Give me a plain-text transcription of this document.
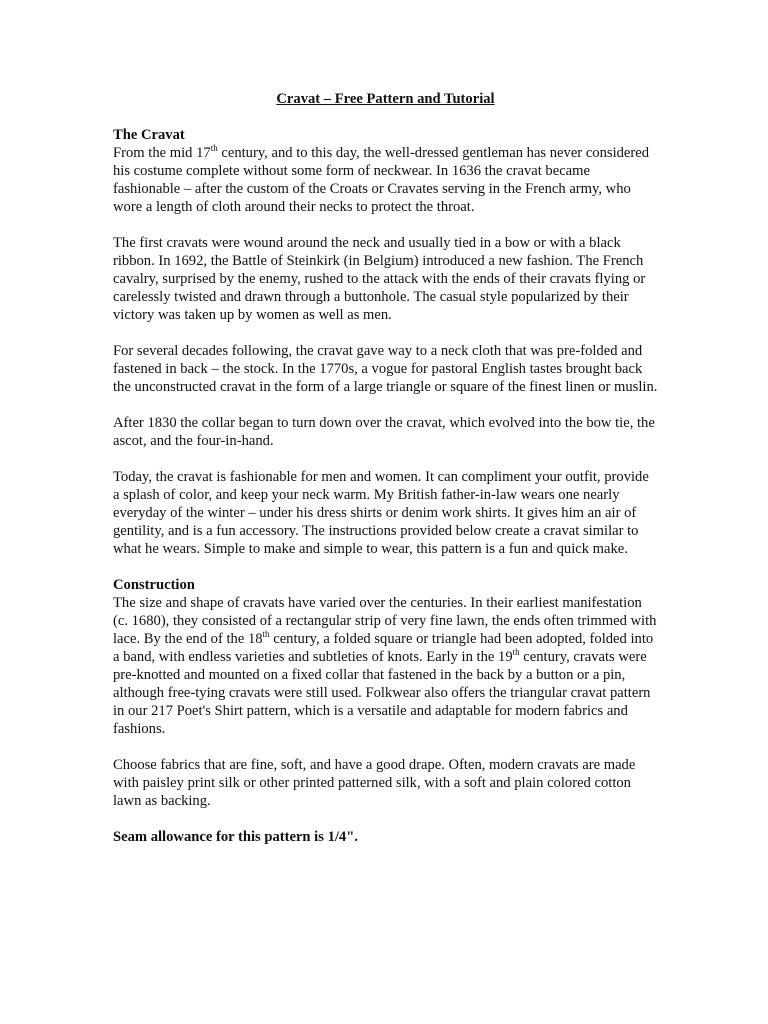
Cravat – Free Pattern and Tutorial
The Cravat

From the mid 17th century, and to this day, the well-dressed gentleman has never considered his costume complete without some form of neckwear. In 1636 the cravat became fashionable – after the custom of the Croats or Cravates serving in the French army, who wore a length of cloth around their necks to protect the throat.

The first cravats were wound around the neck and usually tied in a bow or with a black ribbon. In 1692, the Battle of Steinkirk (in Belgium) introduced a new fashion. The French cavalry, surprised by the enemy, rushed to the attack with the ends of their cravats flying or carelessly twisted and drawn through a buttonhole. The casual style popularized by their victory was taken up by women as well as men.

For several decades following, the cravat gave way to a neck cloth that was pre-folded and fastened in back – the stock. In the 1770s, a vogue for pastoral English tastes brought back the unconstructed cravat in the form of a large triangle or square of the finest linen or muslin.

After 1830 the collar began to turn down over the cravat, which evolved into the bow tie, the ascot, and the four-in-hand.

Today, the cravat is fashionable for men and women. It can compliment your outfit, provide a splash of color, and keep your neck warm. My British father-in-law wears one nearly everyday of the winter – under his dress shirts or denim work shirts. It gives him an air of gentility, and is a fun accessory. The instructions provided below create a cravat similar to what he wears. Simple to make and simple to wear, this pattern is a fun and quick make.

Construction

The size and shape of cravats have varied over the centuries. In their earliest manifestation (c. 1680), they consisted of a rectangular strip of very fine lawn, the ends often trimmed with lace. By the end of the 18th century, a folded square or triangle had been adopted, folded into a band, with endless varieties and subtleties of knots. Early in the 19th century, cravats were pre-knotted and mounted on a fixed collar that fastened in the back by a button or a pin, although free-tying cravats were still used. Folkwear also offers the triangular cravat pattern in our 217 Poet's Shirt pattern, which is a versatile and adaptable for modern fabrics and fashions.

Choose fabrics that are fine, soft, and have a good drape. Often, modern cravats are made with paisley print silk or other printed patterned silk, with a soft and plain colored cotton lawn as backing.

Seam allowance for this pattern is 1/4".
